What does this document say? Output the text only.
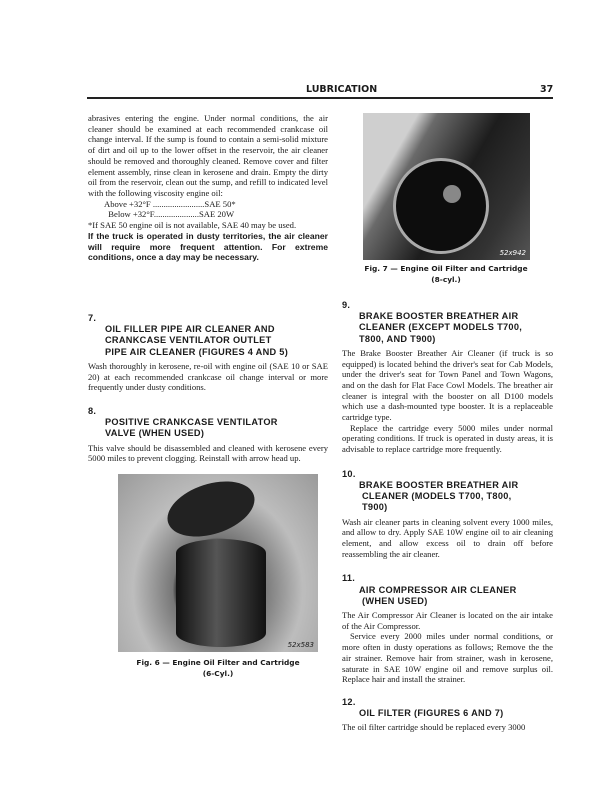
LUBRICATION	37

abrasives entering the engine. Under normal conditions, the air cleaner should be examined at each recommended crankcase oil change interval. If the sump is found to contain a semi-solid mixture of dirt and oil up to the lower offset in the reservoir, the air cleaner should be removed and thoroughly cleaned. Remove cover and filter element assembly, rinse clean in kerosene and drain. Empty the dirty oil from the reservoir, clean out the sump, and refill to indicated level with the following viscosity engine oil:

Above +32°F ........................SAE 50*
Below +32°F.....................SAE 20W

*If SAE 50 engine oil is not available, SAE 40 may be used.

If the truck is operated in dusty territories, the air cleaner will require more frequent attention. For extreme conditions, once a day may be necessary.

7.
OIL FILLER PIPE AIR CLEANER AND
CRANKCASE VENTILATOR OUTLET
PIPE AIR CLEANER (FIGURES 4 AND 5)

Wash thoroughly in kerosene, re-oil with engine oil (SAE 10 or SAE 20) at each recommended crankcase oil change interval or more frequently under dusty conditions.

8.
POSITIVE CRANKCASE VENTILATOR
VALVE (WHEN USED)

This valve should be disassembled and cleaned with kerosene every 5000 miles to prevent clogging. Reinstall with arrow head up.

52x583
Fig. 6 — Engine Oil Filter and Cartridge
(6-Cyl.)
52x942
Fig. 7 — Engine Oil Filter and Cartridge
(8-cyl.)
9.
BRAKE BOOSTER BREATHER AIR
CLEANER (EXCEPT MODELS T700,
T800, AND T900)

The Brake Booster Breather Air Cleaner (if truck is so equipped) is located behind the driver's seat for Cab Models, under the driver's seat for Town Panel and Town Wagons, and on the dash for Flat Face Cowl Models. The breather air cleaner is integral with the booster on all D100 models which use a dash-mounted type booster. It is a replaceable cartridge type.

Replace the cartridge every 5000 miles under normal operating conditions. If truck is operated in dusty areas, it is advisable to replace cartridge more frequently.

10.
BRAKE BOOSTER BREATHER AIR
CLEANER (MODELS T700, T800,
T900)

Wash air cleaner parts in cleaning solvent every 1000 miles, and allow to dry. Apply SAE 10W engine oil to air cleaning element, and allow excess oil to drain off before reassembling the air cleaner.

11.
AIR COMPRESSOR AIR CLEANER
(WHEN USED)

The Air Compressor Air Cleaner is located on the air intake of the Air Compressor.

Service every 2000 miles under normal conditions, or more often in dusty operations as follows; Remove the the air strainer. Remove hair from strainer, wash in kerosene, saturate in SAE 10W engine oil and remove surplus oil. Replace hair and install the strainer.

12.
OIL FILTER (FIGURES 6 AND 7)

The oil filter cartridge should be replaced every 3000
